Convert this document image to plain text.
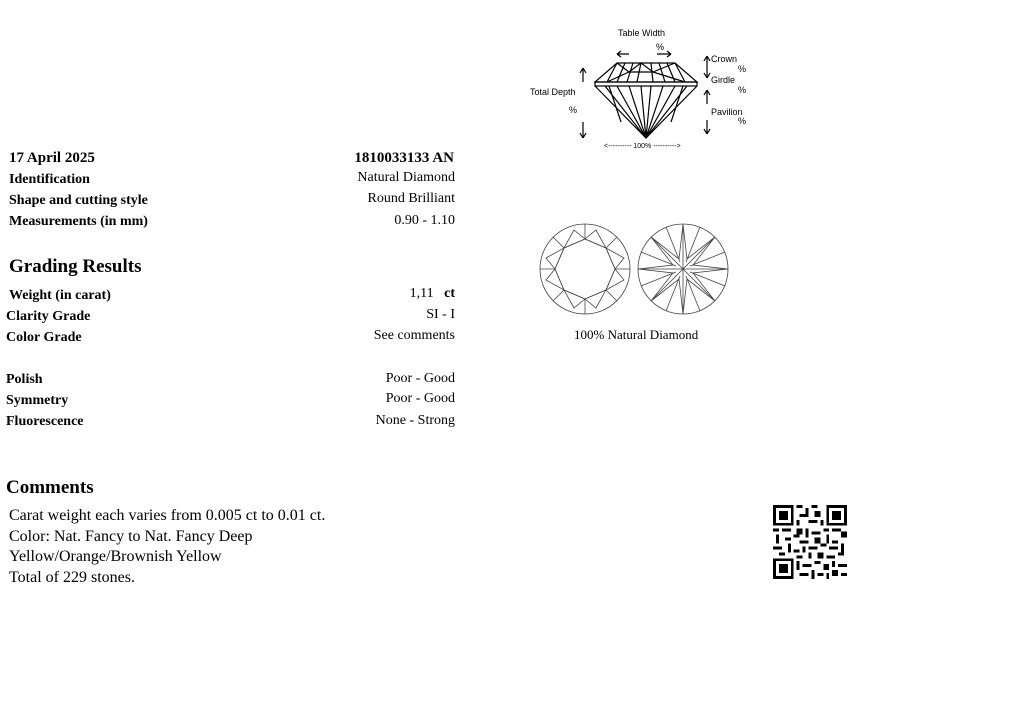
Table Width
%
Crown
%
Girdle
%
Pavilion
%
Total Depth
%
<---------- 100% ---------->
100% Natural Diamond
17 April 2025	1810033133 AN
Identification	Natural Diamond
Shape and cutting style	Round Brilliant
Measurements (in mm)	0.90 - 1.10
Grading Results
Weight (in carat)	1,11 ct
Clarity Grade	SI - I
Color Grade	See comments
Polish	Poor - Good
Symmetry	Poor - Good
Fluorescence	None - Strong
Comments
Carat weight each varies from 0.005 ct to 0.01 ct.
Color: Nat. Fancy to Nat. Fancy Deep
Yellow/Orange/Brownish Yellow
Total of 229 stones.
